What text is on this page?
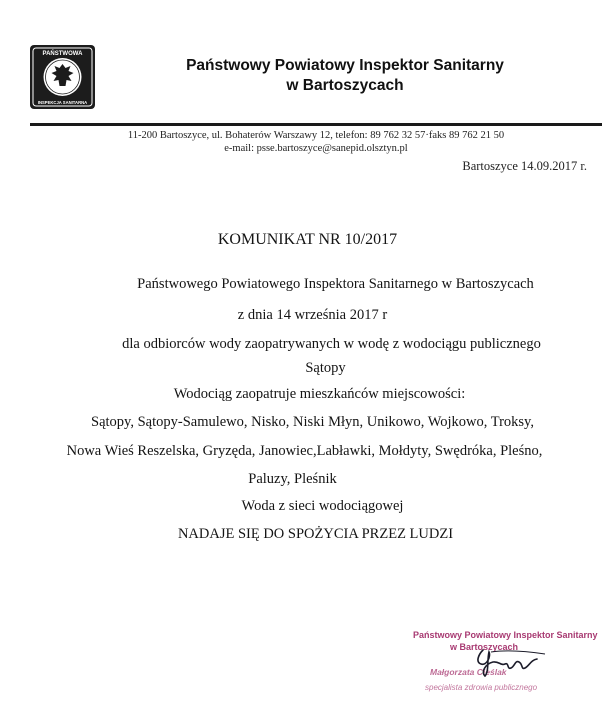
PAŃSTWOWA
INSPEKCJA SANITARNA
Państwowy Powiatowy Inspektor Sanitarny
w Bartoszycach
11-200 Bartoszyce, ul. Bohaterów Warszawy 12, telefon: 89 762 32 57·faks 89 762 21 50
e-mail: psse.bartoszyce@sanepid.olsztyn.pl
Bartoszyce 14.09.2017 r.
KOMUNIKAT NR 10/2017
Państwowego Powiatowego Inspektora Sanitarnego w Bartoszycach
z dnia 14 września 2017 r
dla odbiorców wody zaopatrywanych w wodę z wodociągu publicznego
Sątopy
Wodociąg zaopatruje mieszkańców miejscowości:
Sątopy, Sątopy-Samulewo, Nisko, Niski Młyn, Unikowo, Wojkowo, Troksy,
Nowa Wieś Reszelska, Gryzęda, Janowiec,Labławki, Mołdyty, Swędróka, Pleśno,
Paluzy, Pleśnik
Woda z sieci wodociągowej
NADAJE SIĘ DO SPOŻYCIA PRZEZ LUDZI
Państwowy Powiatowy Inspektor Sanitarny
w Bartoszycach
Małgorzata Cieślak
specjalista zdrowia publicznego
